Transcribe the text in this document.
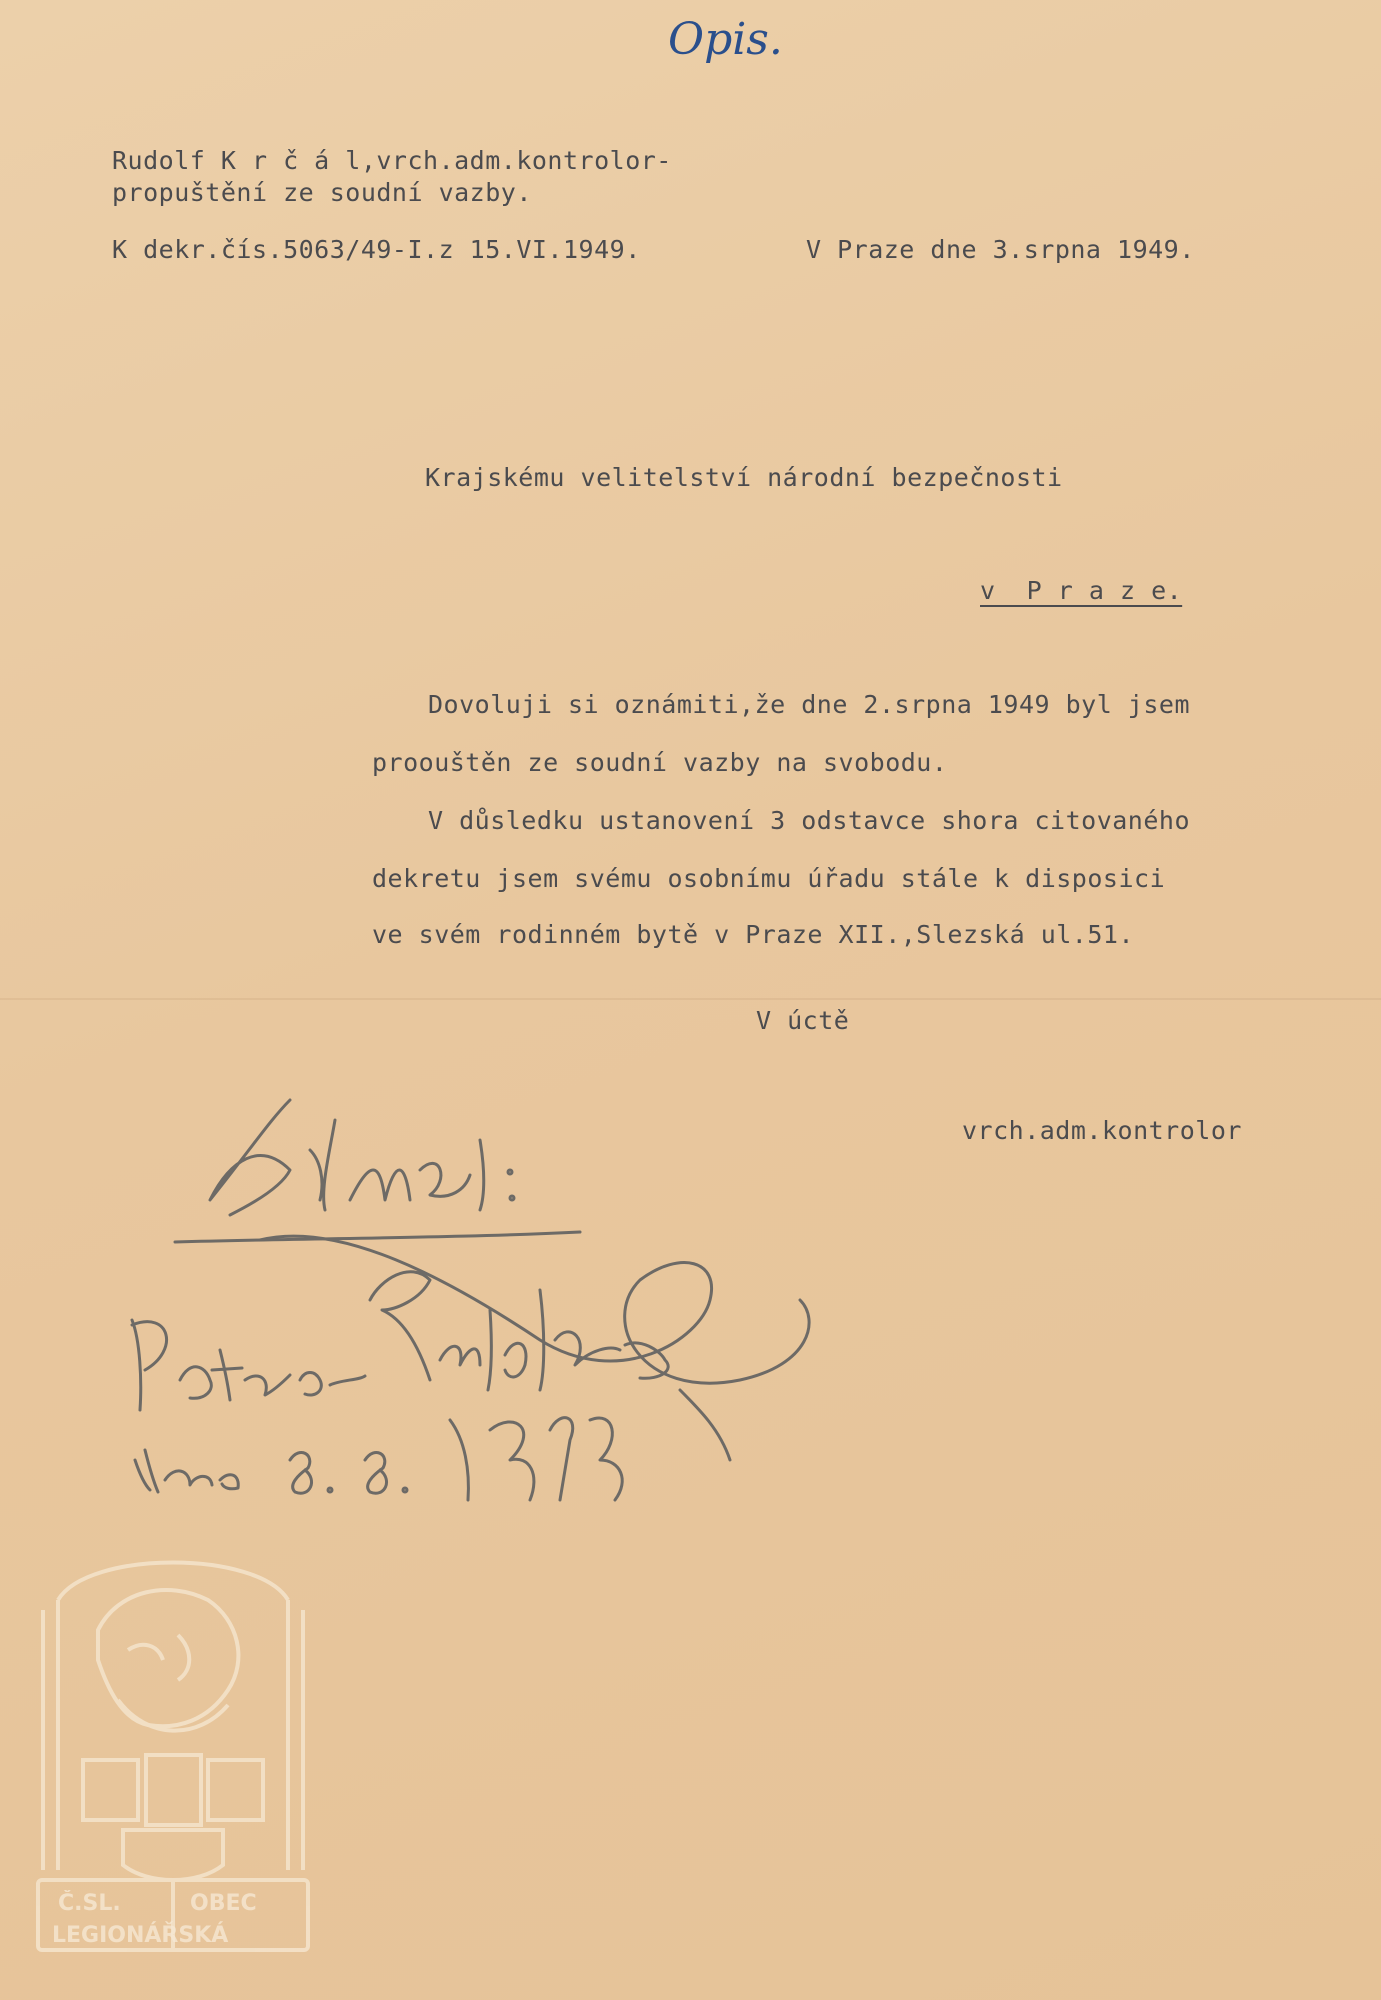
Opis.
Rudolf K r č á l,vrch.adm.kontrolor-
propuštění ze soudní vazby.
K dekr.čís.5063/49-I.z 15.VI.1949.	V Praze dne 3.srpna 1949.
Krajskému velitelství národní bezpečnosti
v  P r a z e.
Dovoluji si oznámiti,že dne 2.srpna 1949 byl jsem
proouštěn ze soudní vazby na svobodu.
V důsledku ustanovení 3 odstavce shora citovaného
dekretu jsem svému osobnímu úřadu stále k disposici
ve svém rodinném bytě v Praze XII.,Slezská ul.51.
V úctě
vrch.adm.kontrolor
Č.SL.	OBEC
LEGIONÁŘSKÁ
